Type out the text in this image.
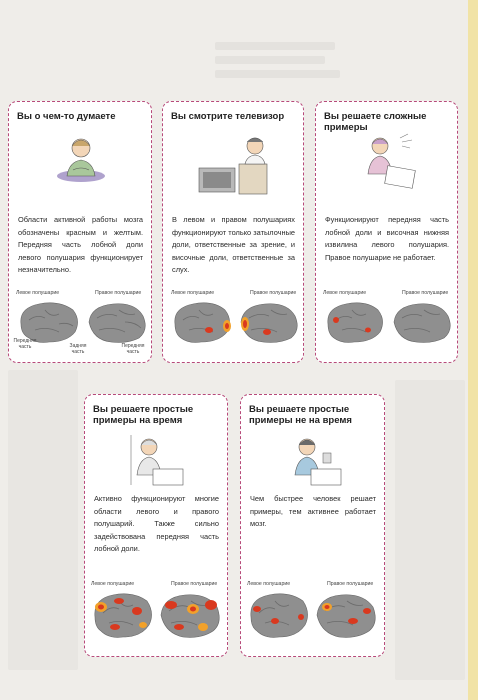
Вы о чем-то думаете
Области активной работы мозга обозначены красным и желтым. Передняя часть лобной доли левого полушария функционирует незначительно.
Левое полушарие	Правое полушарие
Передняя часть	Задняя часть
Передняя часть
Вы смотрите телевизор
В левом и правом полушариях функционируют только затылочные доли, ответственные за зрение, и височные доли, ответственные за слух.
Левое полушарие	Правое полушарие
Вы решаете сложные примеры
Функционируют передняя часть лобной доли и височная нижняя извилина левого полушария. Правое полушарие не работает.
Левое полушарие	Правое полушарие
Вы решаете простые примеры на время
Активно функционируют многие области левого и правого полушарий. Также сильно задействована передняя часть лобной доли.
Левое полушарие	Правое полушарие
Вы решаете простые примеры не на время
Чем быстрее человек решает примеры, тем активнее работает мозг.
Левое полушарие	Правое полушарие
